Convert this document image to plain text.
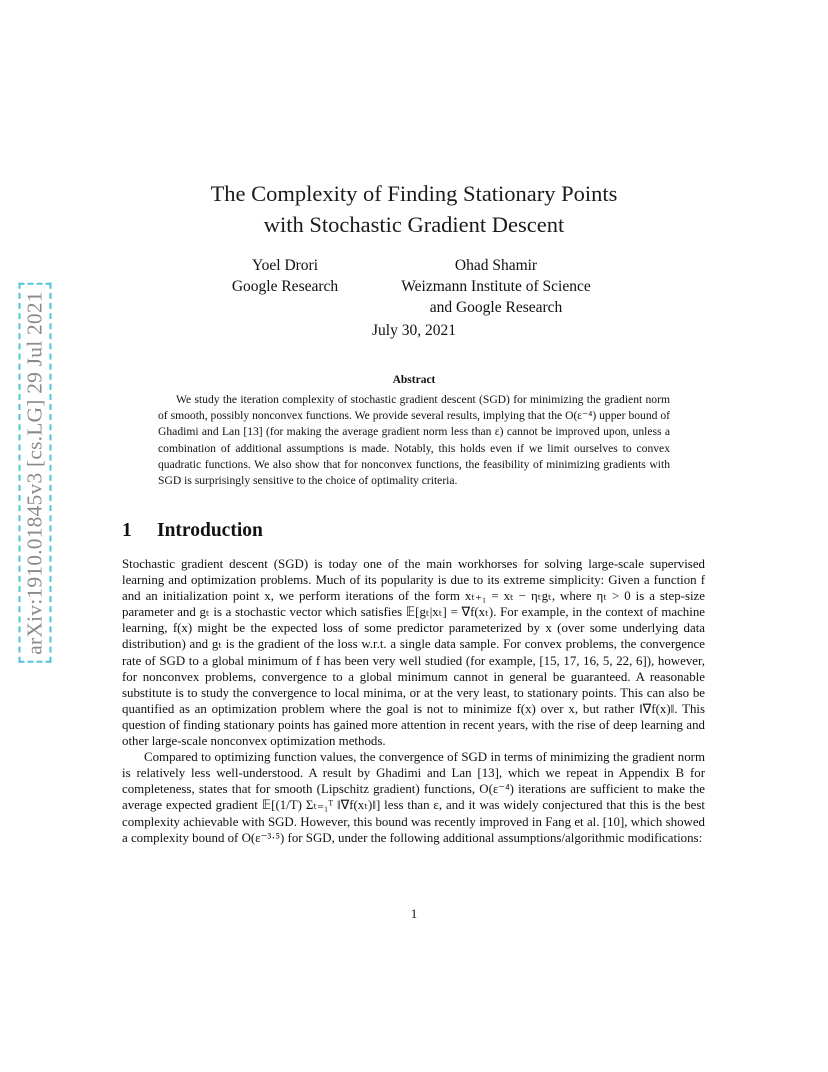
arXiv:1910.01845v3 [cs.LG] 29 Jul 2021
The Complexity of Finding Stationary Points
with Stochastic Gradient Descent
Yoel Drori
Google Research
Ohad Shamir
Weizmann Institute of Science
and Google Research
July 30, 2021
Abstract

We study the iteration complexity of stochastic gradient descent (SGD) for minimizing the gradient norm of smooth, possibly nonconvex functions. We provide several results, implying that the O(ε⁻⁴) upper bound of Ghadimi and Lan [13] (for making the average gradient norm less than ε) cannot be improved upon, unless a combination of additional assumptions is made. Notably, this holds even if we limit ourselves to convex quadratic functions. We also show that for nonconvex functions, the feasibility of minimizing gradients with SGD is surprisingly sensitive to the choice of optimality criteria.

1 Introduction

Stochastic gradient descent (SGD) is today one of the main workhorses for solving large-scale supervised learning and optimization problems. Much of its popularity is due to its extreme simplicity: Given a function f and an initialization point x, we perform iterations of the form xₜ₊₁ = xₜ − ηₜgₜ, where ηₜ > 0 is a step-size parameter and gₜ is a stochastic vector which satisfies 𝔼[gₜ|xₜ] = ∇f(xₜ). For example, in the context of machine learning, f(x) might be the expected loss of some predictor parameterized by x (over some underlying data distribution) and gₜ is the gradient of the loss w.r.t. a single data sample. For convex problems, the convergence rate of SGD to a global minimum of f has been very well studied (for example, [15, 17, 16, 5, 22, 6]), however, for nonconvex problems, convergence to a global minimum cannot in general be guaranteed. A reasonable substitute is to study the convergence to local minima, or at the very least, to stationary points. This can also be quantified as an optimization problem where the goal is not to minimize f(x) over x, but rather ‖∇f(x)‖. This question of finding stationary points has gained more attention in recent years, with the rise of deep learning and other large-scale nonconvex optimization methods.

Compared to optimizing function values, the convergence of SGD in terms of minimizing the gradient norm is relatively less well-understood. A result by Ghadimi and Lan [13], which we repeat in Appendix B for completeness, states that for smooth (Lipschitz gradient) functions, O(ε⁻⁴) iterations are sufficient to make the average expected gradient 𝔼[(1/T) Σₜ₌₁ᵀ ‖∇f(xₜ)‖] less than ε, and it was widely conjectured that this is the best complexity achievable with SGD. However, this bound was recently improved in Fang et al. [10], which showed a complexity bound of O(ε⁻³·⁵) for SGD, under the following additional assumptions/algorithmic modifications:

1
